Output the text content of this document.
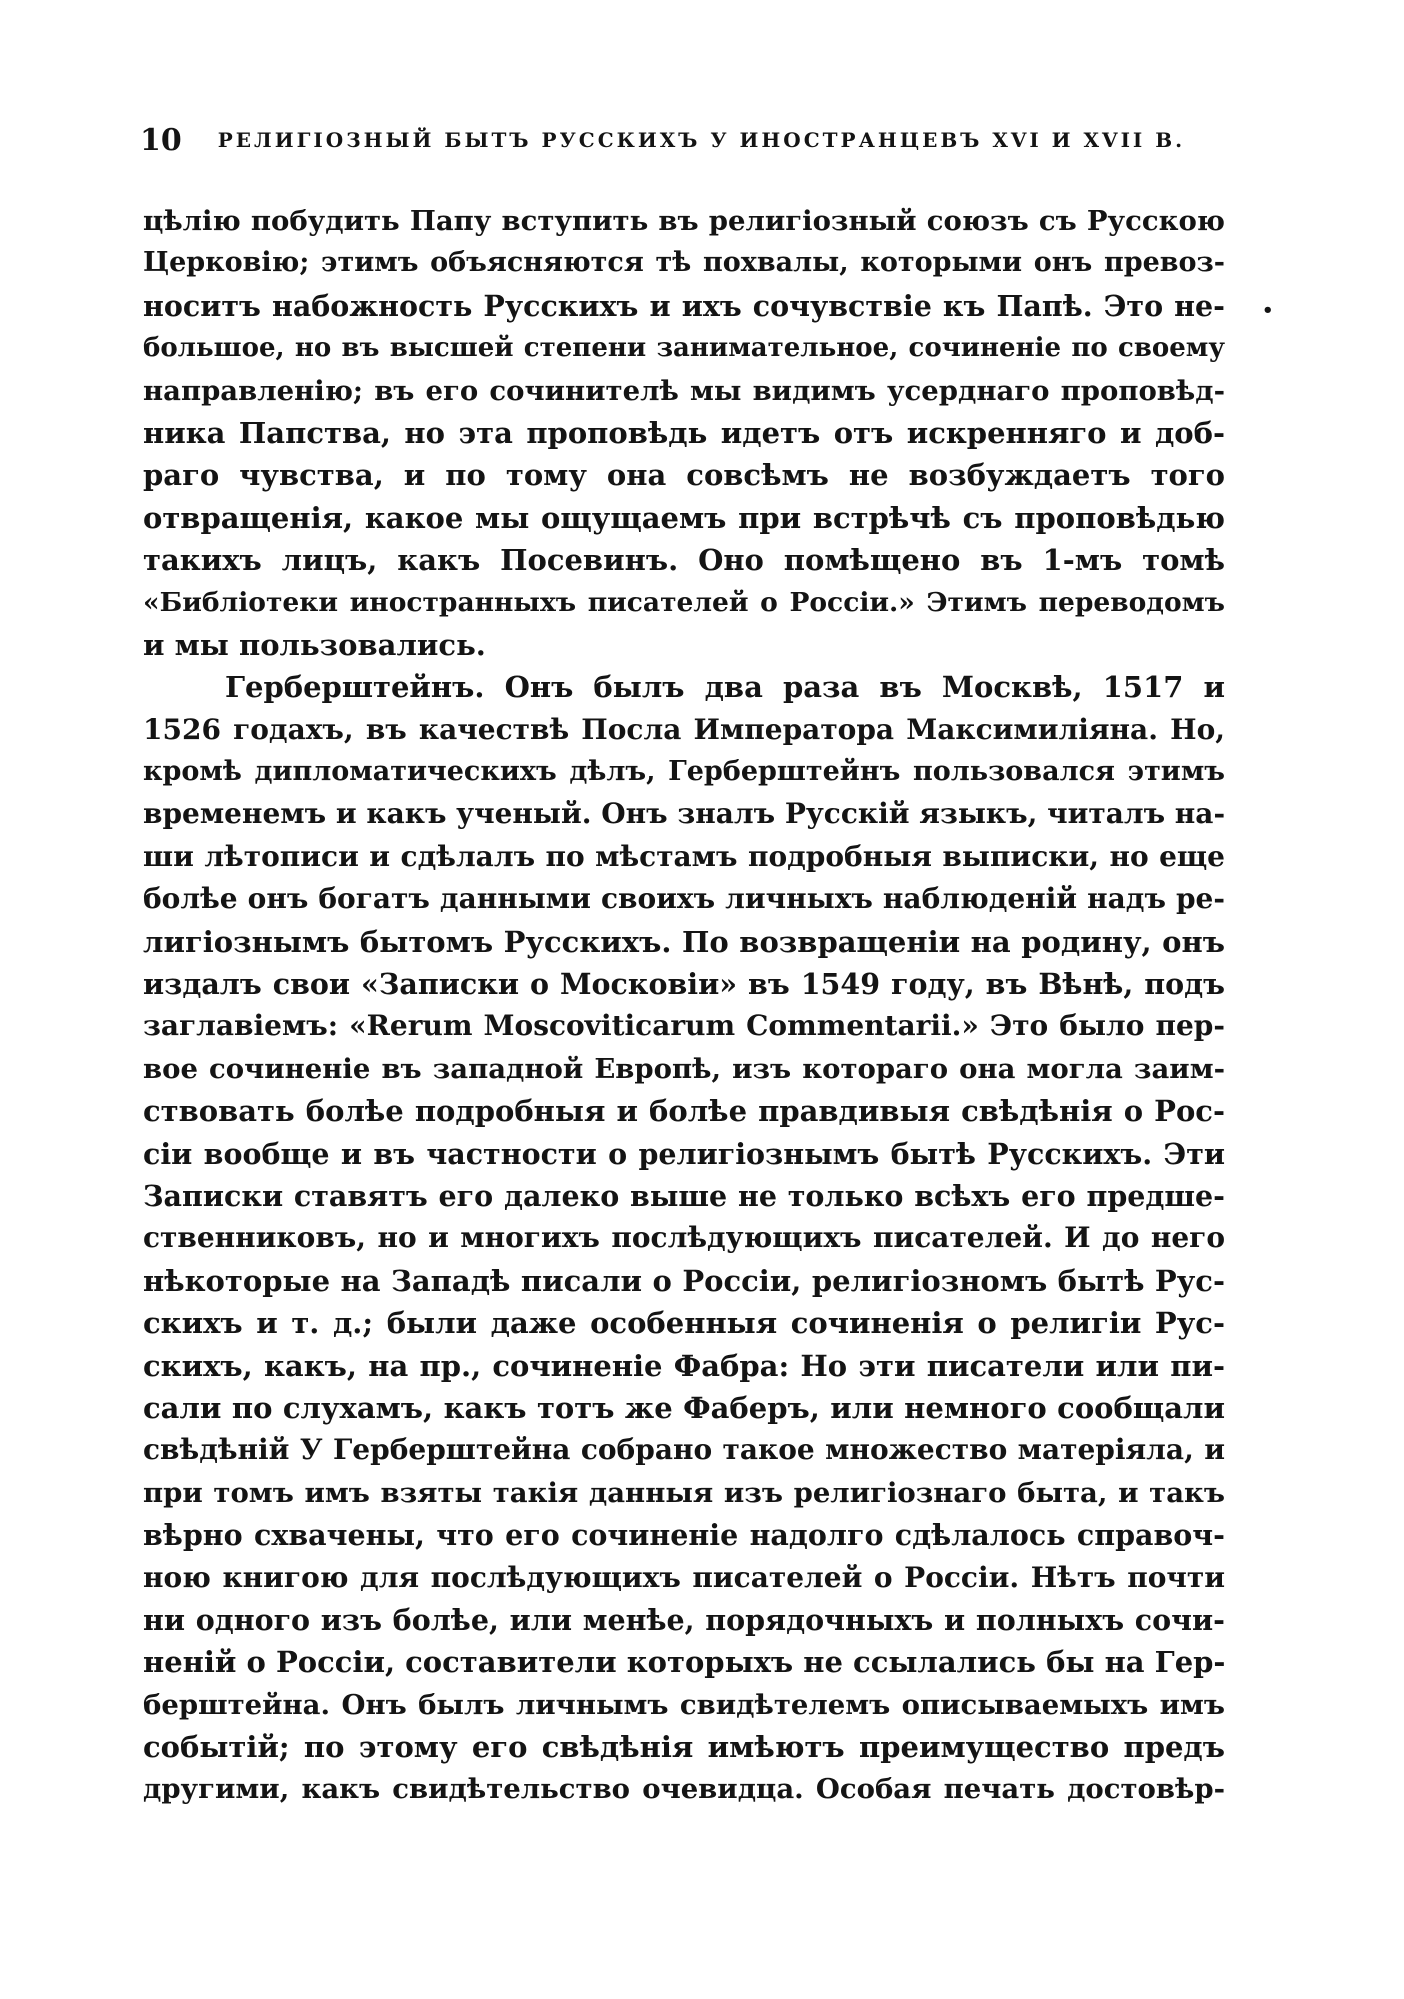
10 РЕЛИГІОЗНЫЙ БЫТЪ РУССКИХЪ У ИНОСТРАНЦЕВЪ XVI И XVII В.
•
цѣлію побудить Папу вступить въ религіозный союзъ съ Русскою
Церковію; этимъ объясняются тѣ похвалы, которыми онъ превоз-
носитъ набожность Русскихъ и ихъ сочувствіе къ Папѣ. Это не-
большое, но въ высшей степени занимательное, сочиненіе по своему
направленію; въ его сочинителѣ мы видимъ усерднаго проповѣд-
ника Папства, но эта проповѣдь идетъ отъ искренняго и доб-
раго чувства, и по тому она совсѣмъ не возбуждаетъ того
отвращенія, какое мы ощущаемъ при встрѣчѣ съ проповѣдью
такихъ лицъ, какъ Посевинъ. Оно помѣщено въ 1-мъ томѣ
«Библіотеки иностранныхъ писателей о Россіи.» Этимъ переводомъ
и мы пользовались.
Герберштейнъ. Онъ былъ два раза въ Москвѣ, 1517 и
1526 годахъ, въ качествѣ Посла Императора Максимиліяна. Но,
кромѣ дипломатическихъ дѣлъ, Герберштейнъ пользовался этимъ
временемъ и какъ ученый. Онъ зналъ Русскій языкъ, читалъ на-
ши лѣтописи и сдѣлалъ по мѣстамъ подробныя выписки, но еще
болѣе онъ богатъ данными своихъ личныхъ наблюденій надъ ре-
лигіознымъ бытомъ Русскихъ. По возвращеніи на родину, онъ
издалъ свои «Записки о Московіи» въ 1549 году, въ Вѣнѣ, подъ
заглавіемъ: «Rerum Moscoviticarum Commentarii.» Это было пер-
вое сочиненіе въ западной Европѣ, изъ котораго она могла заим-
ствовать болѣе подробныя и болѣе правдивыя свѣдѣнія о Рос-
сіи вообще и въ частности о религіознымъ бытѣ Русскихъ. Эти
Записки ставятъ его далеко выше не только всѣхъ его предше-
ственниковъ, но и многихъ послѣдующихъ писателей. И до него
нѣкоторые на Западѣ писали о Россіи, религіозномъ бытѣ Рус-
скихъ и т. д.; были даже особенныя сочиненія о религіи Рус-
скихъ, какъ, на пр., сочиненіе Фабра: Но эти писатели или пи-
сали по слухамъ, какъ тотъ же Фаберъ, или немного сообщали
свѣдѣній У Герберштейна собрано такое множество матеріяла, и
при томъ имъ взяты такія данныя изъ религіознаго быта, и такъ
вѣрно схвачены, что его сочиненіе надолго сдѣлалось справоч-
ною книгою для послѣдующихъ писателей о Россіи. Нѣтъ почти
ни одного изъ болѣе, или менѣе, порядочныхъ и полныхъ сочи-
неній о Россіи, составители которыхъ не ссылались бы на Гер-
берштейна. Онъ былъ личнымъ свидѣтелемъ описываемыхъ имъ
событій; по этому его свѣдѣнія имѣютъ преимущество предъ
другими, какъ свидѣтельство очевидца. Особая печать достовѣр-
